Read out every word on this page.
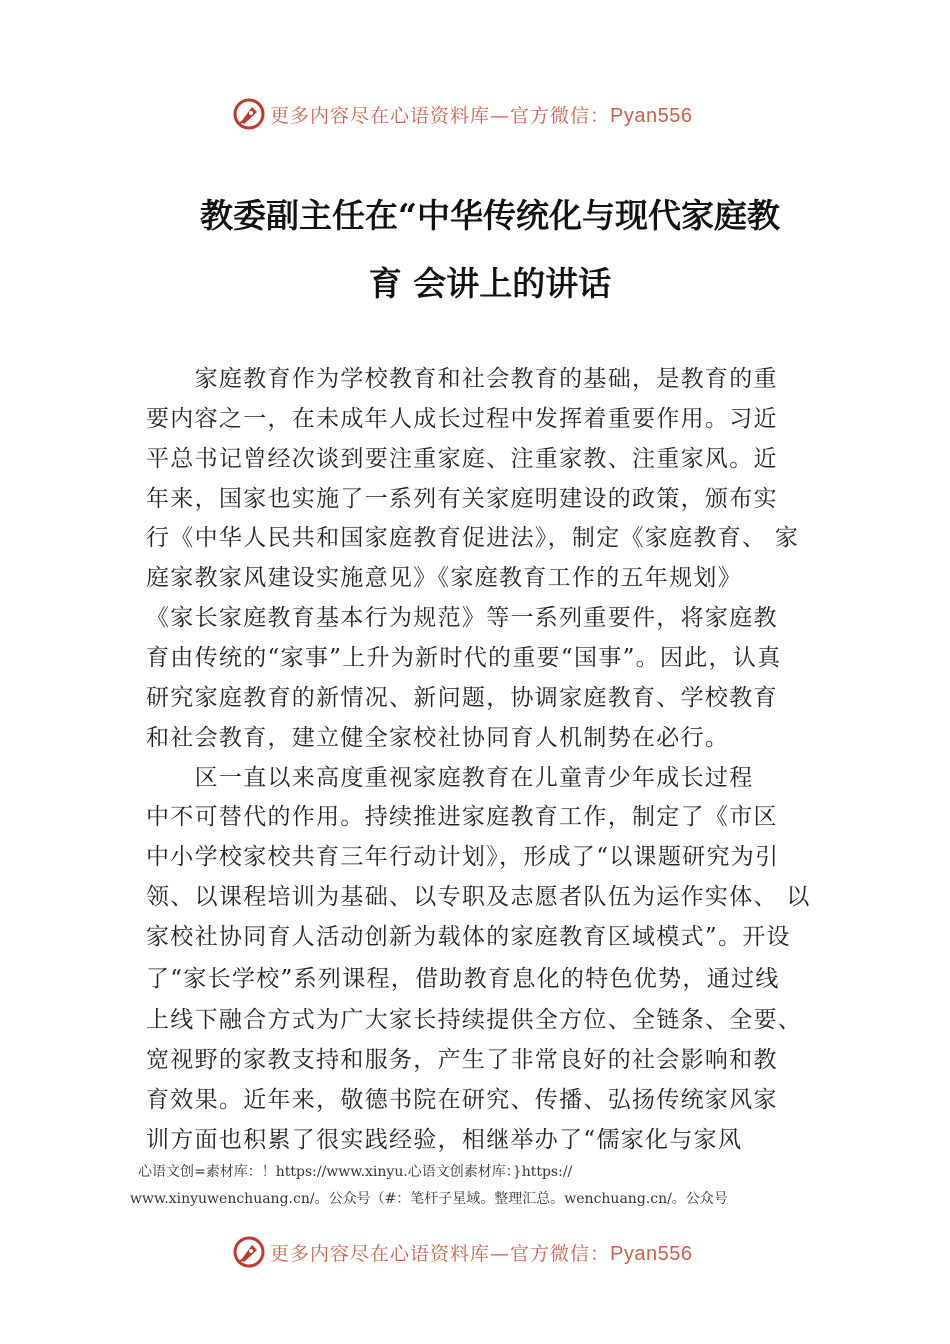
更多内容尽在心语资料库—官方微信：Pyan556
教委副主任在“中华传统化与现代家庭教
育 会讲上的讲话
　　家庭教育作为学校教育和社会教育的基础，是教育的重
要内容之一，在未成年人成长过程中发挥着重要作用。习近
平总书记曾经次谈到要注重家庭、注重家教、注重家风。近
年来，国家也实施了一系列有关家庭明建设的政策，颁布实
行《中华人民共和国家庭教育促进法》，制定《家庭教育、 家
庭家教家风建设实施意见》《家庭教育工作的五年规划》
《家长家庭教育基本行为规范》等一系列重要件，将家庭教
育由传统的“家事”上升为新时代的重要“国事”。因此，认真
研究家庭教育的新情况、新问题，协调家庭教育、学校教育
和社会教育，建立健全家校社协同育人机制势在必行。
　　区一直以来高度重视家庭教育在儿童青少年成长过程
中不可替代的作用。持续推进家庭教育工作，制定了《市区
中小学校家校共育三年行动计划》，形成了“以课题研究为引
领、以课程培训为基础、以专职及志愿者队伍为运作实体、 以
家校社协同育人活动创新为载体的家庭教育区域模式”。开设
了“家长学校”系列课程，借助教育息化的特色优势，通过线
上线下融合方式为广大家长持续提供全方位、全链条、全要、
宽视野的家教支持和服务，产生了非常良好的社会影响和教
育效果。近年来，敬德书院在研究、传播、弘扬传统家风家
训方面也积累了很实践经验，相继举办了“儒家化与家风
心语文创=素材库：！https://www.xinyu.心语文创素材库：}https://
www.xinyuwenchuang.cn/。公众号（#：笔杆子星域。整理汇总。wenchuang.cn/。公众号
更多内容尽在心语资料库—官方微信：Pyan556
